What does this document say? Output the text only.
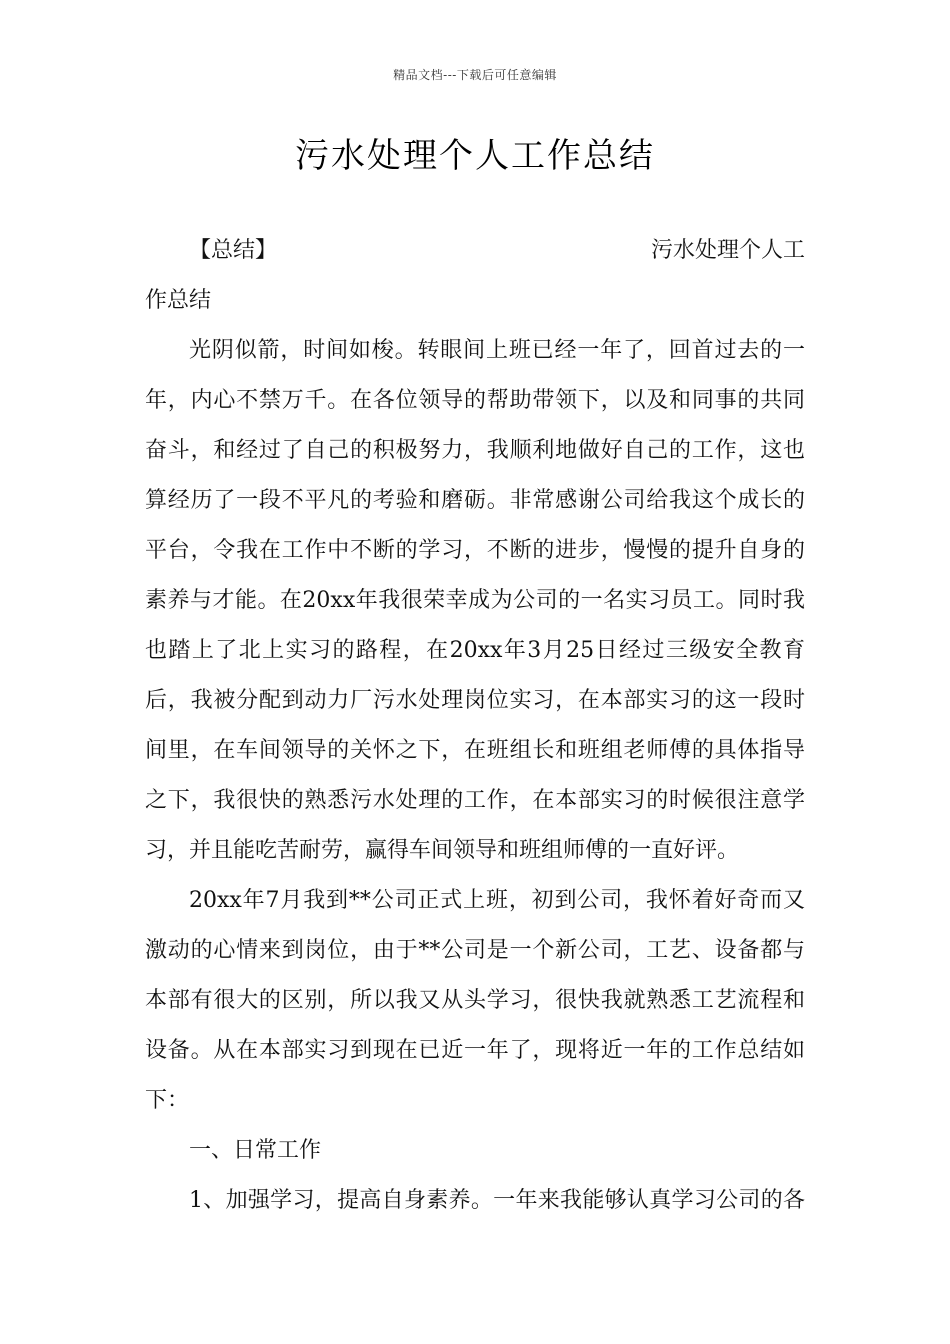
精品文档---下载后可任意编辑
污水处理个人工作总结
【总结】	污水处理个人工
作总结
光阴似箭，时间如梭。转眼间上班已经一年了，回首过去的一
年，内心不禁万千。在各位领导的帮助带领下，以及和同事的共同
奋斗，和经过了自己的积极努力，我顺利地做好自己的工作，这也
算经历了一段不平凡的考验和磨砺。非常感谢公司给我这个成长的
平台，令我在工作中不断的学习，不断的进步，慢慢的提升自身的
素养与才能。在20xx年我很荣幸成为公司的一名实习员工。同时我
也踏上了北上实习的路程，在20xx年3月25日经过三级安全教育
后，我被分配到动力厂污水处理岗位实习，在本部实习的这一段时
间里，在车间领导的关怀之下，在班组长和班组老师傅的具体指导
之下，我很快的熟悉污水处理的工作，在本部实习的时候很注意学
习，并且能吃苦耐劳，赢得车间领导和班组师傅的一直好评。
20xx年7月我到**公司正式上班，初到公司，我怀着好奇而又
激动的心情来到岗位，由于**公司是一个新公司，工艺、设备都与
本部有很大的区别，所以我又从头学习，很快我就熟悉工艺流程和
设备。从在本部实习到现在已近一年了，现将近一年的工作总结如
下：
一、日常工作
1、加强学习，提高自身素养。一年来我能够认真学习公司的各
